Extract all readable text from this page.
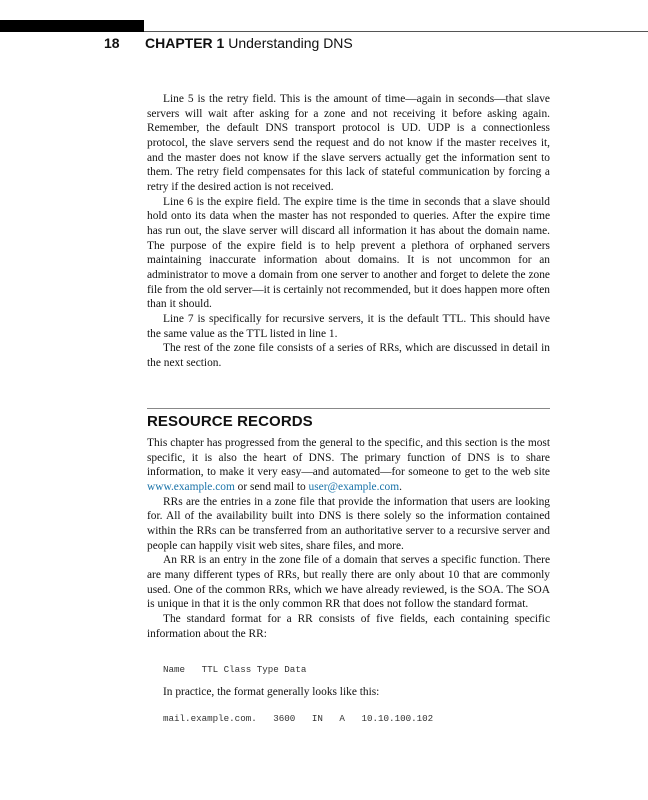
18 CHAPTER 1 Understanding DNS

Line 5 is the retry field. This is the amount of time—again in seconds—that slave servers will wait after asking for a zone and not receiving it before asking again. Remember, the default DNS transport protocol is UD. UDP is a connectionless protocol, the slave servers send the request and do not know if the master receives it, and the master does not know if the slave servers actually get the information sent to them. The retry field compensates for this lack of stateful communication by forcing a retry if the desired action is not received.

Line 6 is the expire field. The expire time is the time in seconds that a slave should hold onto its data when the master has not responded to queries. After the expire time has run out, the slave server will discard all information it has about the domain name. The purpose of the expire field is to help prevent a plethora of orphaned servers maintaining inaccurate information about domains. It is not uncommon for an administrator to move a domain from one server to another and forget to delete the zone file from the old server—it is certainly not recommended, but it does happen more often than it should.

Line 7 is specifically for recursive servers, it is the default TTL. This should have the same value as the TTL listed in line 1.

The rest of the zone file consists of a series of RRs, which are discussed in detail in the next section.

RESOURCE RECORDS

This chapter has progressed from the general to the specific, and this section is the most specific, it is also the heart of DNS. The primary function of DNS is to share information, to make it very easy—and automated—for someone to get to the web site www.example.com or send mail to user@example.com.

RRs are the entries in a zone file that provide the information that users are looking for. All of the availability built into DNS is there solely so the information contained within the RRs can be transferred from an authoritative server to a recursive server and people can happily visit web sites, share files, and more.

An RR is an entry in the zone file of a domain that serves a specific function. There are many different types of RRs, but really there are only about 10 that are commonly used. One of the common RRs, which we have already reviewed, is the SOA. The SOA is unique in that it is the only common RR that does not follow the standard format.

The standard format for a RR consists of five fields, each containing specific information about the RR:

Name   TTL Class Type Data
In practice, the format generally looks like this:
mail.example.com.   3600   IN   A   10.10.100.102
